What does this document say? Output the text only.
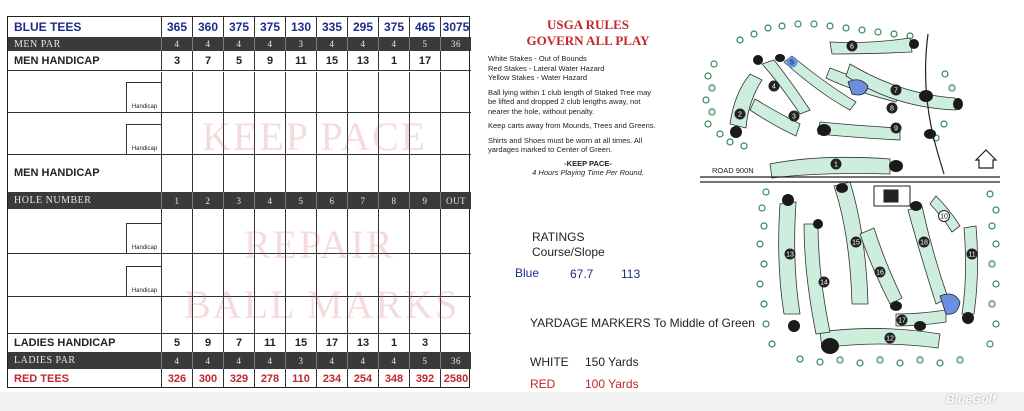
BLUE TEES	365 360 375 375 130 335 295 375 465 3075
MEN PAR	4	4	4	4	3	4	4	4	5	36
MEN HANDICAP	3	7	5	9	11	15	13	1	17
Handicap
Handicap
MEN HANDICAP
HOLE NUMBER	1	2	3	4	5	6	7	8	9	OUT
Handicap
Handicap
LADIES HANDICAP	5	9	7	11	15	17	13	1	3
LADIES PAR	4	4	4	4	3	4	4	4	5	36
RED TEES	326	300	329	278	110	234	254	348	392 2580
KEEP PACE
REPAIR
BALL MARKS
USGA RULES
GOVERN ALL PLAY
White Stakes - Out of Bounds
Red Stakes - Lateral Water Hazard
Yellow Stakes - Water Hazard
Ball lying within 1 club length of Staked Tree may
be lifted and dropped 2 club lengths away, not
nearer the hole, without penalty.
Keep carts away from Mounds, Trees and Greens.
Shirts and Shoes must be worn at all times. All
yardages marked to Center of Green.
-KEEP PACE-
4 Hours Playing Time Per Round.
RATINGS
Course/Slope
Blue	67.7 113
YARDAGE MARKERS To Middle of Green
WHITE 150 Yards
RED 100 Yards
1
2	3
4
5
6
7
8
9
10
11
12
13
14
15
16
17
18
ROAD 900N
BlueGolf
